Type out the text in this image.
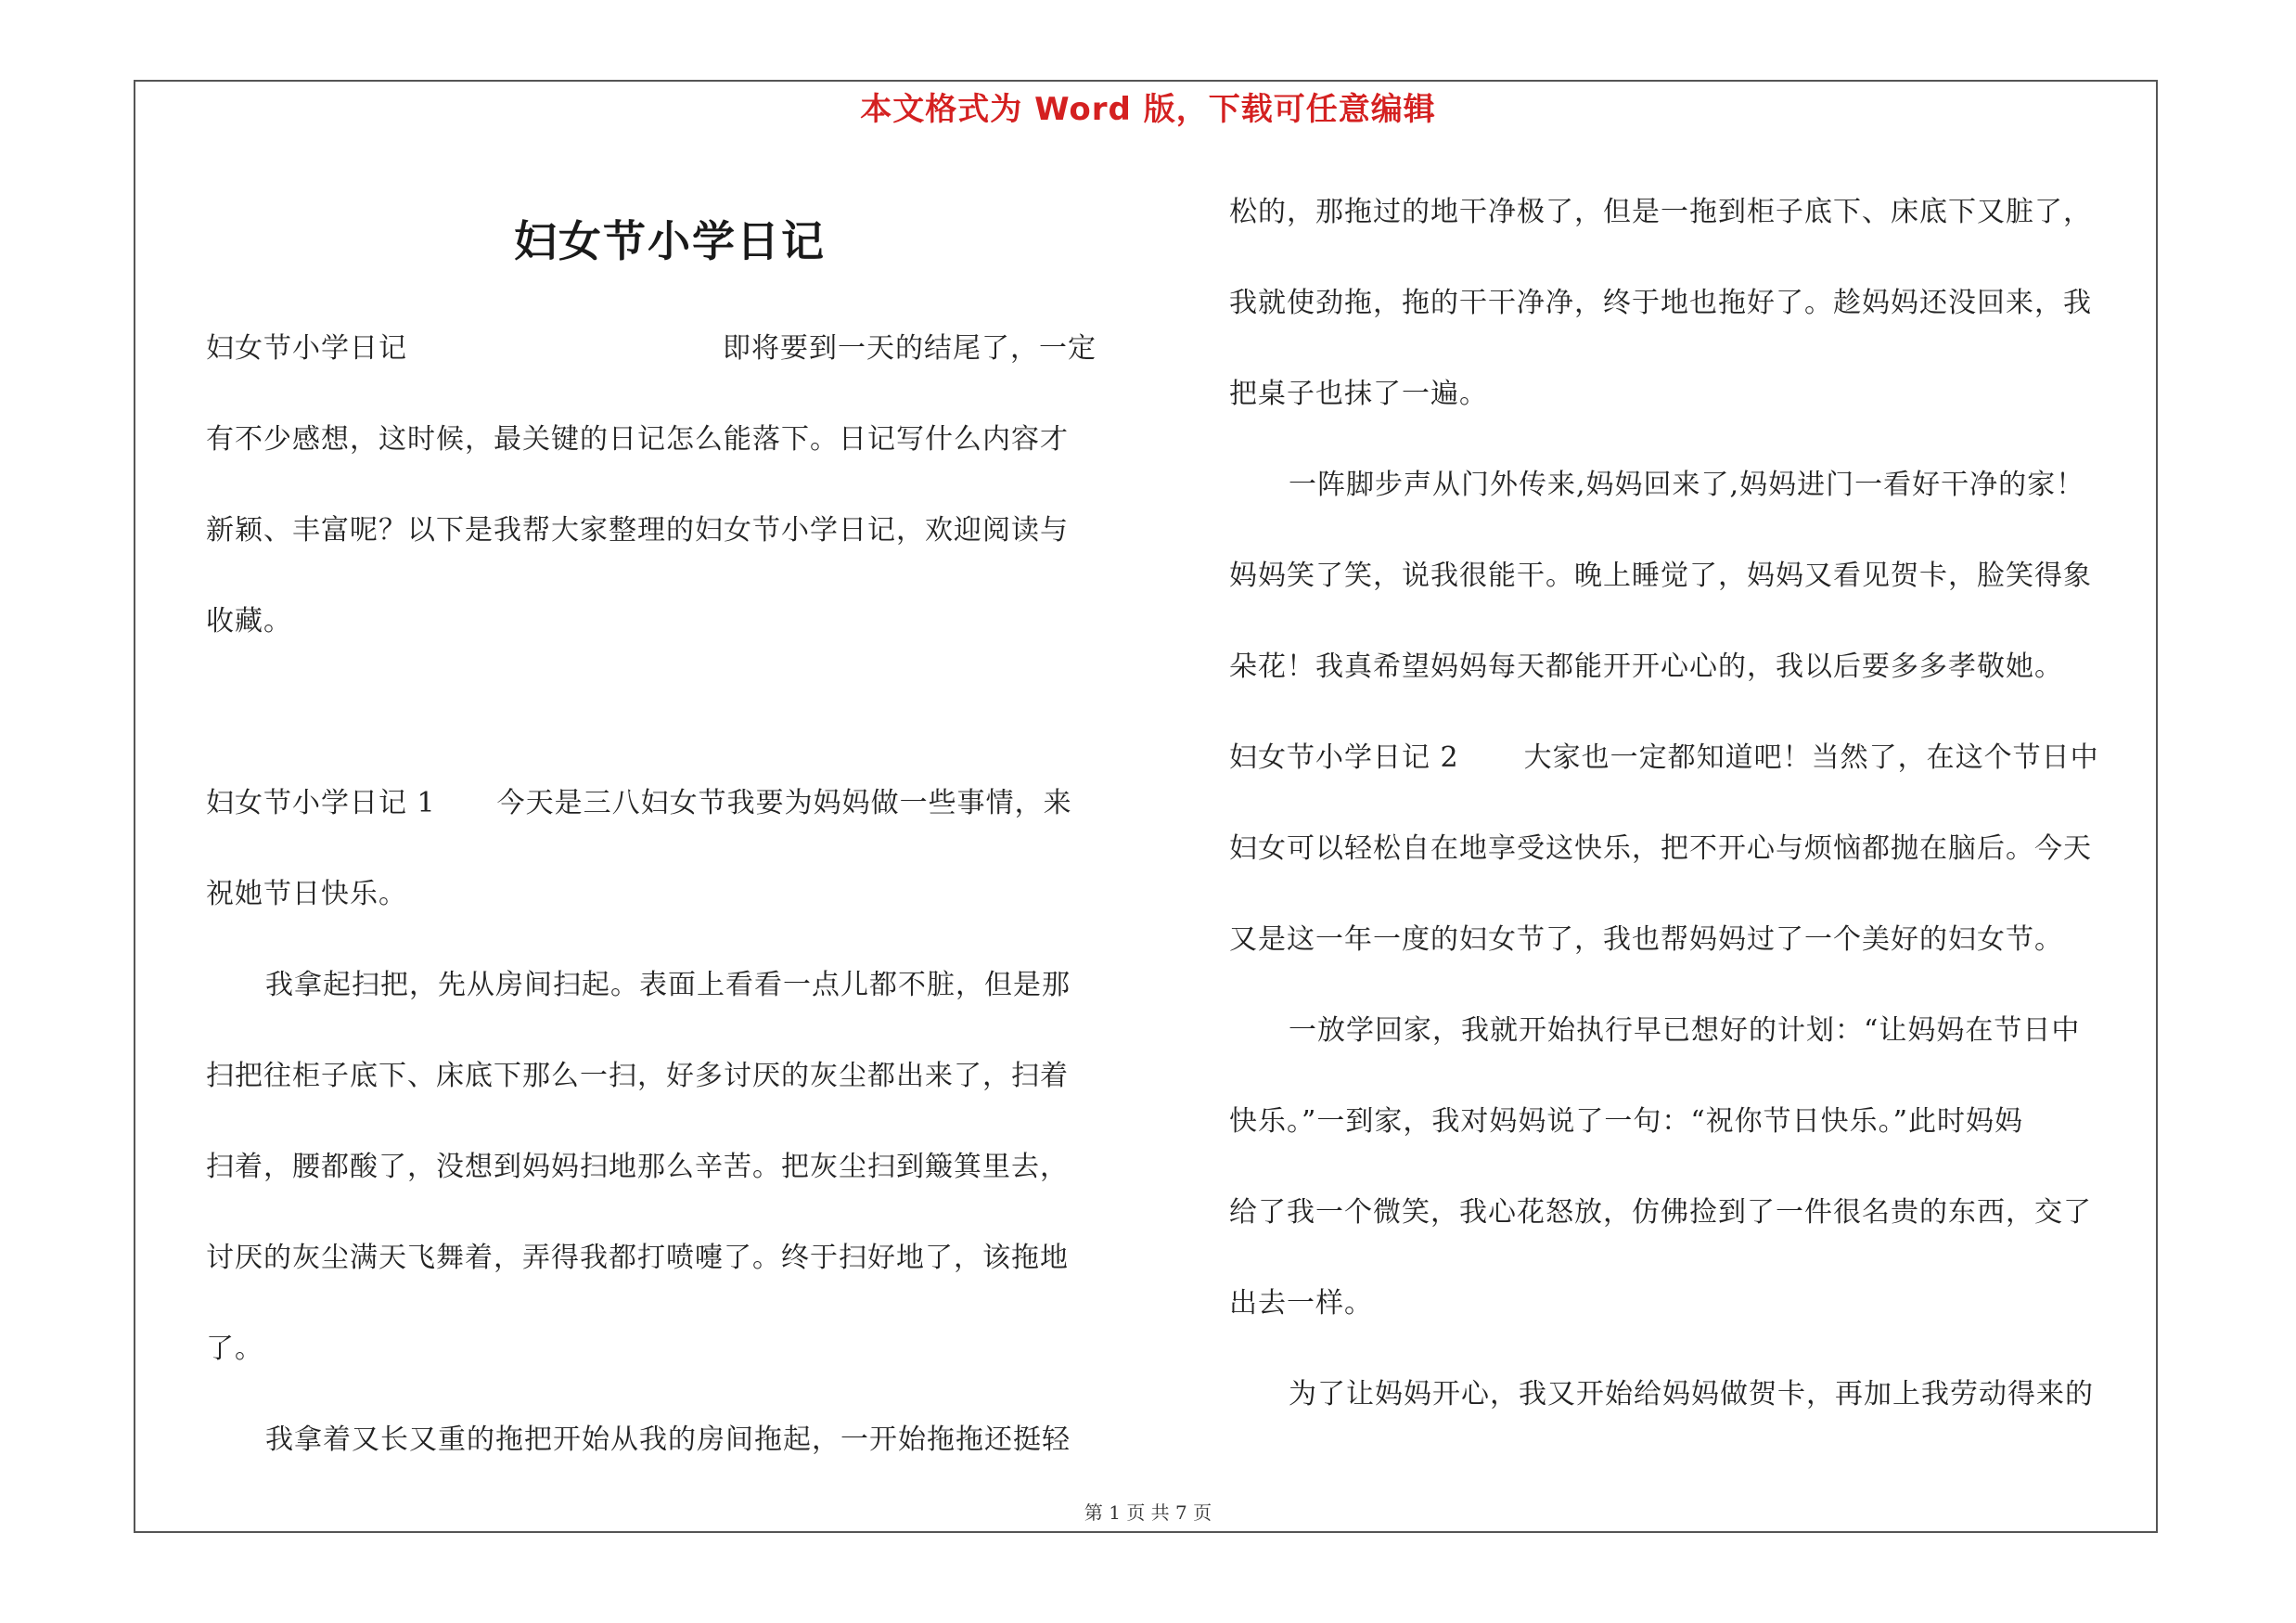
本文格式为 Word 版，下载可任意编辑
妇女节小学日记
妇女节小学日记	即将要到一天的结尾了，一定
有不少感想，这时候，最关键的日记怎么能落下。日记写什么内容才
新颖、丰富呢？以下是我帮大家整理的妇女节小学日记，欢迎阅读与
收藏。
妇女节小学日记 1 今天是三八妇女节我要为妈妈做一些事情，来
祝她节日快乐。
我拿起扫把，先从房间扫起。表面上看看一点儿都不脏，但是那
扫把往柜子底下、床底下那么一扫，好多讨厌的灰尘都出来了，扫着
扫着，腰都酸了，没想到妈妈扫地那么辛苦。把灰尘扫到簸箕里去，
讨厌的灰尘满天飞舞着，弄得我都打喷嚏了。终于扫好地了，该拖地
了。
我拿着又长又重的拖把开始从我的房间拖起，一开始拖拖还挺轻
松的，那拖过的地干净极了，但是一拖到柜子底下、床底下又脏了，
我就使劲拖，拖的干干净净，终于地也拖好了。趁妈妈还没回来，我
把桌子也抹了一遍。
一阵脚步声从门外传来,妈妈回来了,妈妈进门一看好干净的家！
妈妈笑了笑，说我很能干。晚上睡觉了，妈妈又看见贺卡，脸笑得象
朵花！我真希望妈妈每天都能开开心心的，我以后要多多孝敬她。
妇女节小学日记 2 大家也一定都知道吧！当然了，在这个节日中
妇女可以轻松自在地享受这快乐，把不开心与烦恼都抛在脑后。今天
又是这一年一度的妇女节了，我也帮妈妈过了一个美好的妇女节。
一放学回家，我就开始执行早已想好的计划：“让妈妈在节日中
快乐。”一到家，我对妈妈说了一句：“祝你节日快乐。”此时妈妈
给了我一个微笑，我心花怒放，仿佛捡到了一件很名贵的东西，交了
出去一样。
为了让妈妈开心，我又开始给妈妈做贺卡，再加上我劳动得来的
第 1 页 共 7 页
